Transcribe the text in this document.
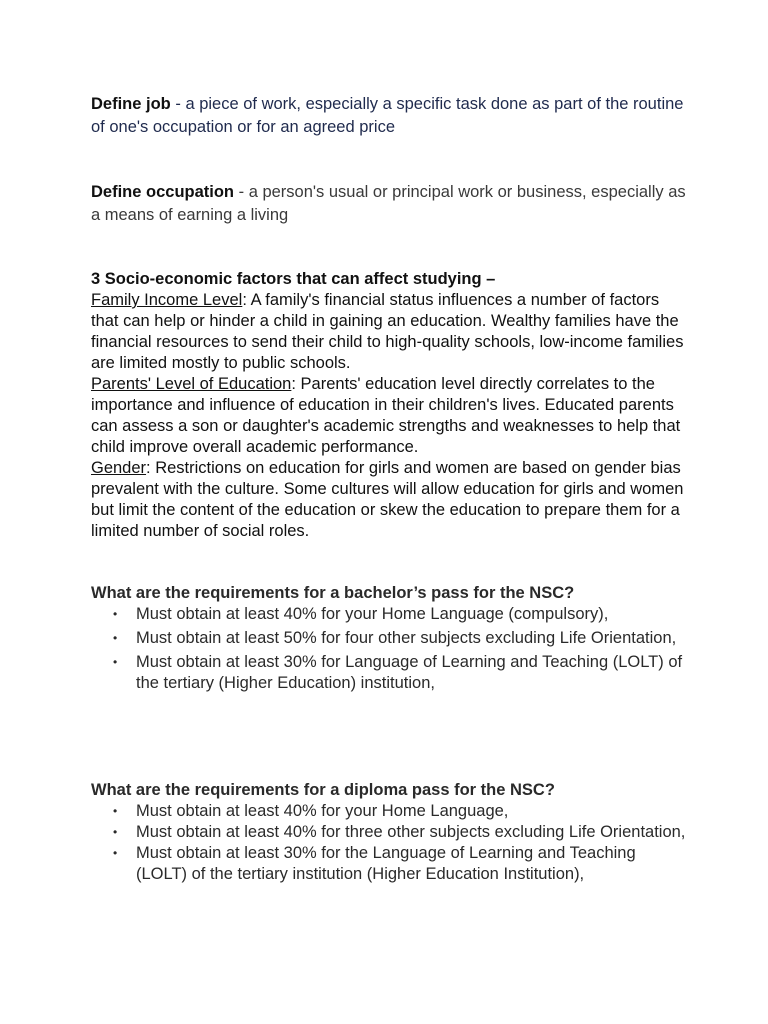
Define job - a piece of work, especially a specific task done as part of the routine of one's occupation or for an agreed price
Define occupation - a person's usual or principal work or business, especially as a means of earning a living

3 Socio-economic factors that can affect studying –

Family Income Level: A family's financial status influences a number of factors that can help or hinder a child in gaining an education. Wealthy families have the financial resources to send their child to high-quality schools, low-income families are limited mostly to public schools.

Parents' Level of Education: Parents' education level directly correlates to the importance and influence of education in their children's lives. Educated parents can assess a son or daughter's academic strengths and weaknesses to help that child improve overall academic performance.

Gender: Restrictions on education for girls and women are based on gender bias prevalent with the culture. Some cultures will allow education for girls and women but limit the content of the education or skew the education to prepare them for a limited number of social roles.

What are the requirements for a bachelor’s pass for the NSC?

• Must obtain at least 40% for your Home Language (compulsory),
• Must obtain at least 50% for four other subjects excluding Life Orientation,
• Must obtain at least 30% for Language of Learning and Teaching (LOLT) of the tertiary (Higher Education) institution,

What are the requirements for a diploma pass for the NSC?

• Must obtain at least 40% for your Home Language,
• Must obtain at least 40% for three other subjects excluding Life Orientation,
• Must obtain at least 30% for the Language of Learning and Teaching (LOLT) of the tertiary institution (Higher Education Institution),
